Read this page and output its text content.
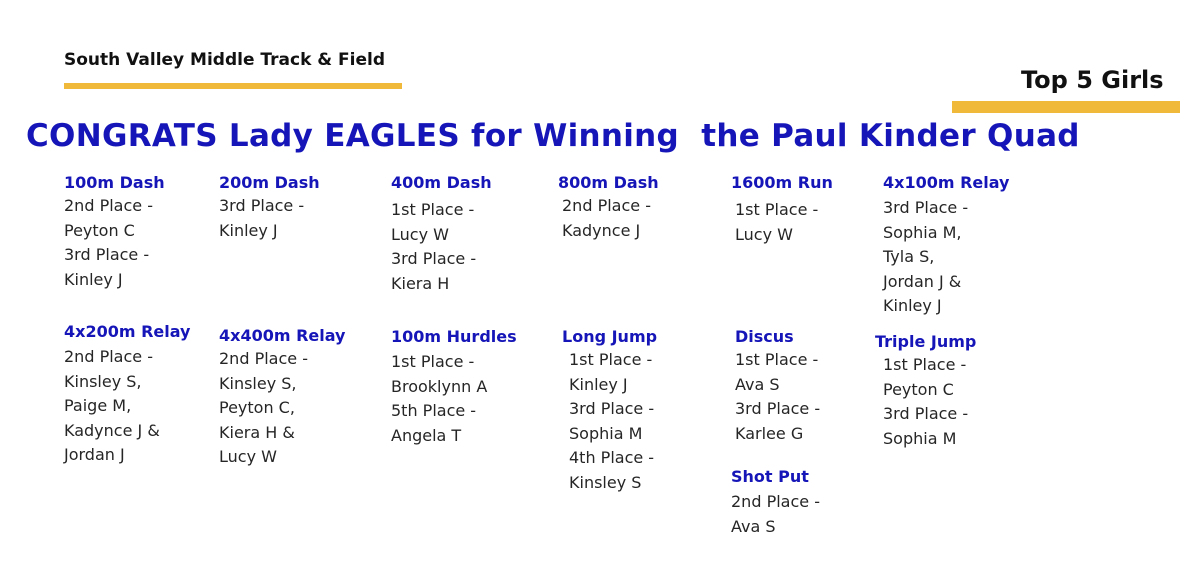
South Valley Middle Track & Field
Top 5 Girls
CONGRATS Lady EAGLES for Winning  the Paul Kinder Quad
100m Dash
2nd Place -
Peyton C
3rd Place -
Kinley J
200m Dash
3rd Place -
Kinley J
400m Dash
1st Place -
Lucy W
3rd Place -
Kiera H
800m Dash
2nd Place -
Kadynce J
1600m Run
1st Place -
Lucy W
4x100m Relay
3rd Place -
Sophia M,
Tyla S,
Jordan J &
Kinley J
4x200m Relay
2nd Place -
Kinsley S,
Paige M,
Kadynce J &
Jordan J
4x400m Relay
2nd Place -
Kinsley S,
Peyton C,
Kiera H &
Lucy W
100m Hurdles
1st Place -
Brooklynn A
5th Place -
Angela T
Long Jump
1st Place -
Kinley J
3rd Place -
Sophia M
4th Place -
Kinsley S
Discus
1st Place -
Ava S
3rd Place -
Karlee G
Triple Jump
1st Place -
Peyton C
3rd Place -
Sophia M
Shot Put
2nd Place -
Ava S
